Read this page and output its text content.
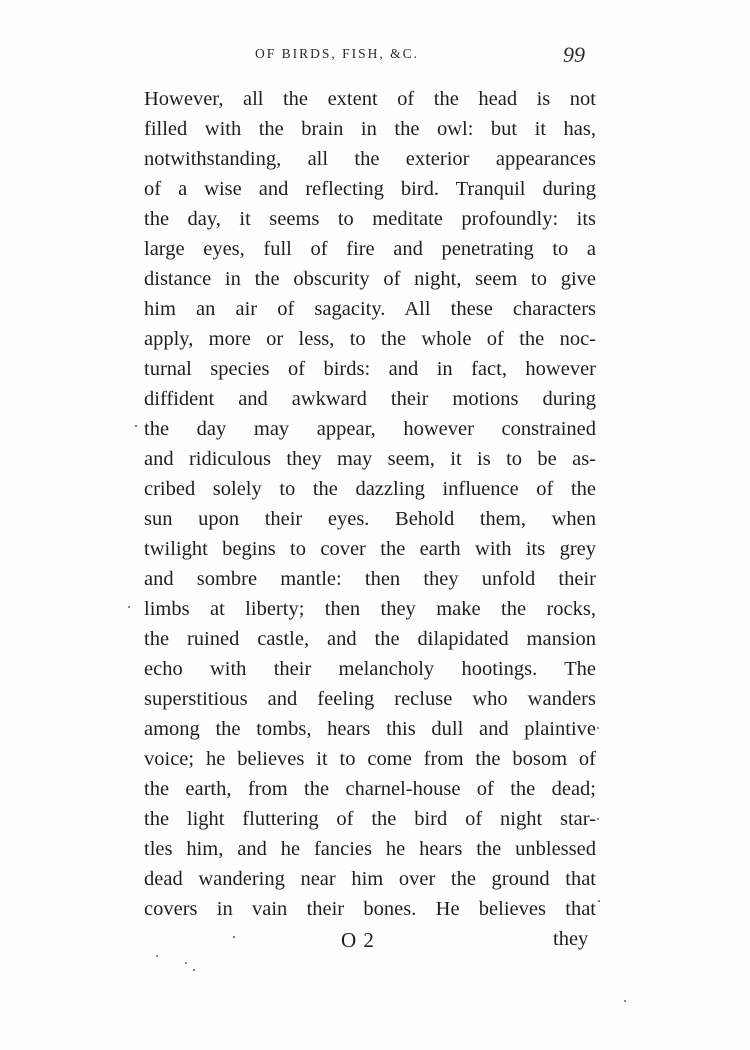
OF BIRDS, FISH, &C.	99
However, all the extent of the head is not
filled with the brain in the owl: but it has,
notwithstanding, all the exterior appearances
of a wise and reflecting bird. Tranquil during
the day, it seems to meditate profoundly: its
large eyes, full of fire and penetrating to a
distance in the obscurity of night, seem to give
him an air of sagacity. All these characters
apply, more or less, to the whole of the noc-
turnal species of birds: and in fact, however
diffident and awkward their motions during
the day may appear, however constrained
and ridiculous they may seem, it is to be as-
cribed solely to the dazzling influence of the
sun upon their eyes. Behold them, when
twilight begins to cover the earth with its grey
and sombre mantle: then they unfold their
limbs at liberty; then they make the rocks,
the ruined castle, and the dilapidated mansion
echo with their melancholy hootings. The
superstitious and feeling recluse who wanders
among the tombs, hears this dull and plaintive
voice; he believes it to come from the bosom of
the earth, from the charnel-house of the dead;
the light fluttering of the bird of night star-
tles him, and he fancies he hears the unblessed
dead wandering near him over the ground that
covers in vain their bones. He believes that
O 2	they
